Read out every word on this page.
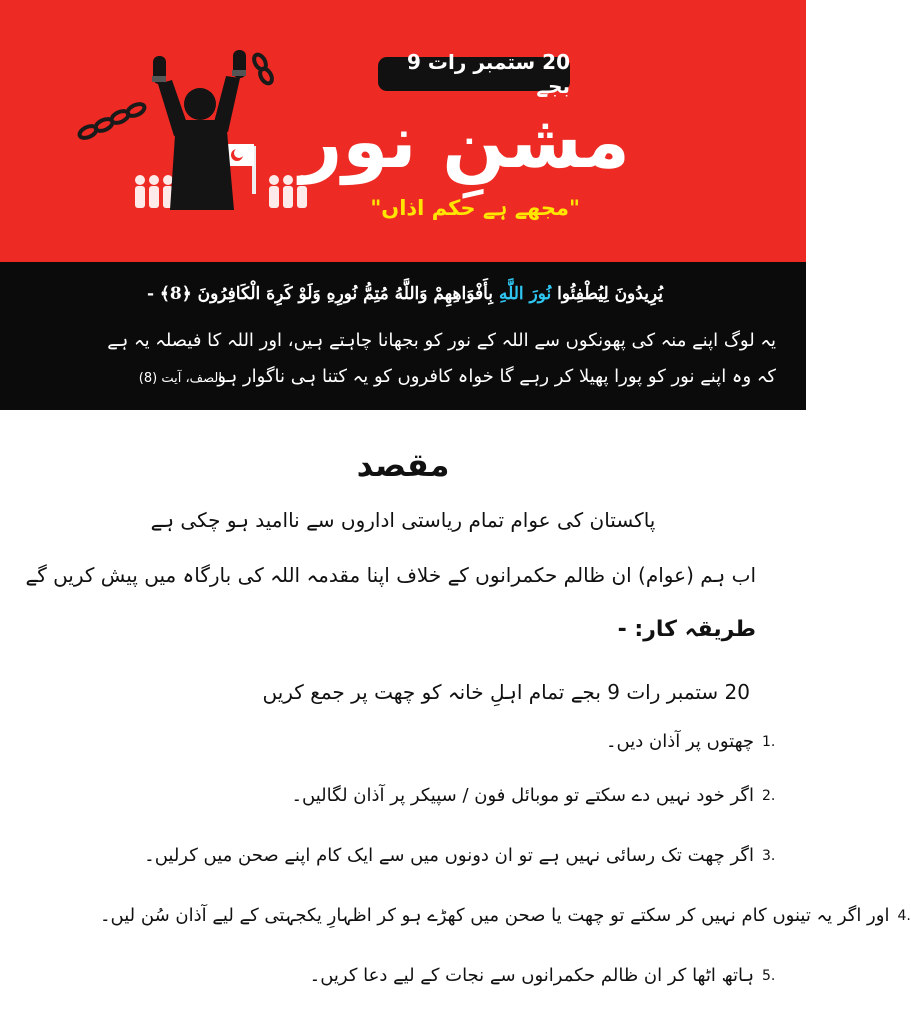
20 ستمبر رات 9 بجے
مشنِ نور
"مجھے ہے حکم اذاں"
يُرِيدُونَ لِيُطْفِئُوا نُورَ اللَّهِ بِأَفْوَاهِهِمْ وَاللَّهُ مُتِمُّ نُورِهِ وَلَوْ كَرِهَ الْكَافِرُونَ ﴿8﴾ -
یہ لوگ اپنے منہ کی پھونکوں سے اللہ کے نور کو بجھانا چاہتے ہیں، اور اللہ کا فیصلہ یہ ہے
کہ وہ اپنے نور کو پورا پھیلا کر رہے گا خواہ کافروں کو یہ کتنا ہی ناگوار ہو
الصف، آیت (8)
مقصد
پاکستان کی عوام تمام ریاستی اداروں سے ناامید ہو چکی ہے
اب ہم (عوام) ان ظالم حکمرانوں کے خلاف اپنا مقدمہ اللہ کی بارگاہ میں پیش کریں گے
طریقہ کار: -
20 ستمبر رات 9 بجے تمام اہلِ خانہ کو چھت پر جمع کریں
چھتوں پر آذان دیں۔ 1.
اگر خود نہیں دے سکتے تو موبائل فون / سپیکر پر آذان لگالیں۔ 2.
اگر چھت تک رسائی نہیں ہے تو ان دونوں میں سے ایک کام اپنے صحن میں کرلیں۔ 3.
اور اگر یہ تینوں کام نہیں کر سکتے تو چھت یا صحن میں کھڑے ہو کر اظہارِ یکجہتی کے لیے آذان سُن لیں۔ 4.
ہاتھ اٹھا کر ان ظالم حکمرانوں سے نجات کے لیے دعا کریں۔ 5.
